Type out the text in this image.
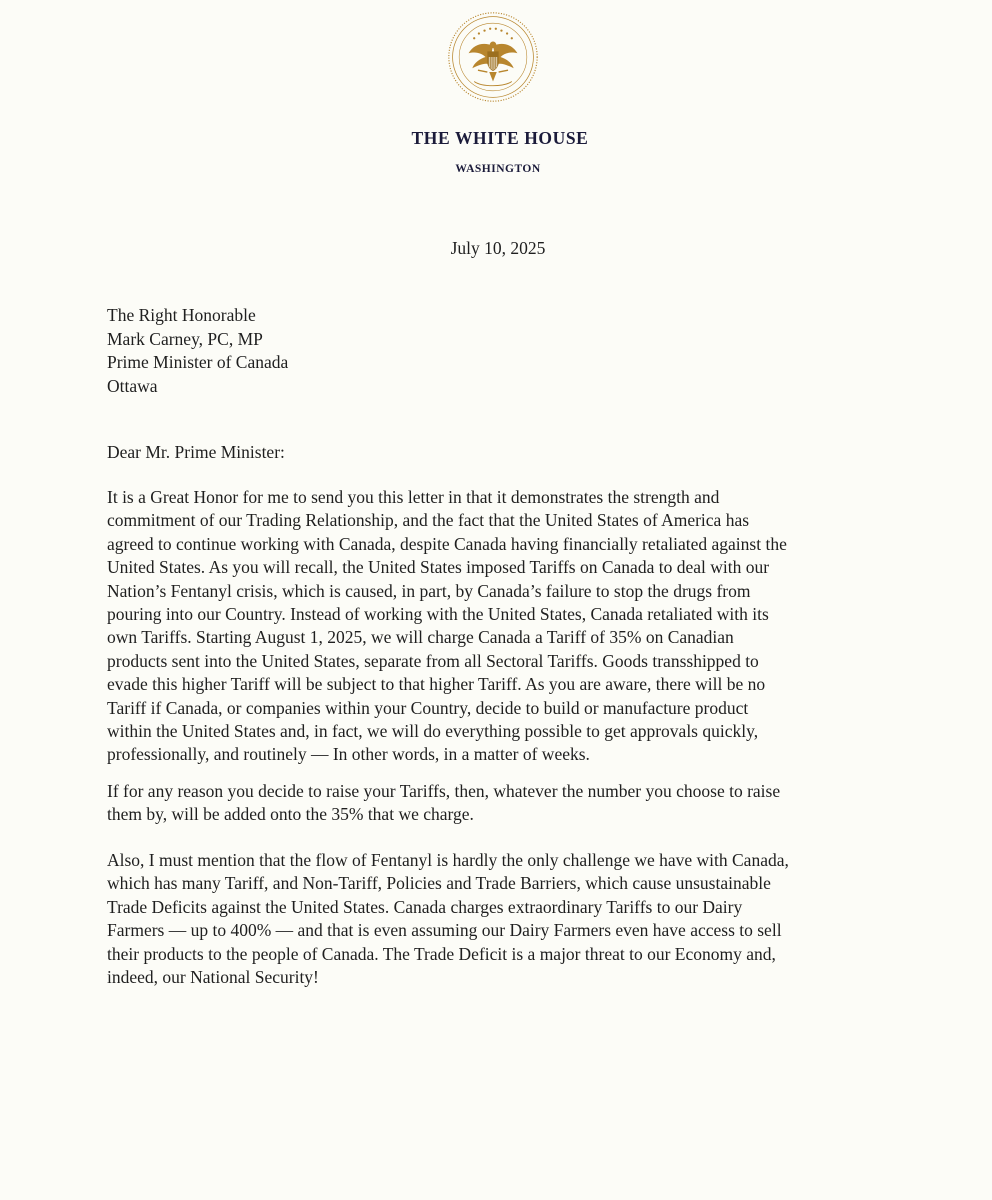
THE WHITE HOUSE
WASHINGTON
July 10, 2025
The Right Honorable
Mark Carney, PC, MP
Prime Minister of Canada
Ottawa
Dear Mr. Prime Minister:

It is a Great Honor for me to send you this letter in that it demonstrates the strength and
commitment of our Trading Relationship, and the fact that the United States of America has
agreed to continue working with Canada, despite Canada having financially retaliated against the
United States. As you will recall, the United States imposed Tariffs on Canada to deal with our
Nation’s Fentanyl crisis, which is caused, in part, by Canada’s failure to stop the drugs from
pouring into our Country. Instead of working with the United States, Canada retaliated with its
own Tariffs. Starting August 1, 2025, we will charge Canada a Tariff of 35% on Canadian
products sent into the United States, separate from all Sectoral Tariffs. Goods transshipped to
evade this higher Tariff will be subject to that higher Tariff. As you are aware, there will be no
Tariff if Canada, or companies within your Country, decide to build or manufacture product
within the United States and, in fact, we will do everything possible to get approvals quickly,
professionally, and routinely — In other words, in a matter of weeks.

If for any reason you decide to raise your Tariffs, then, whatever the number you choose to raise
them by, will be added onto the 35% that we charge.

Also, I must mention that the flow of Fentanyl is hardly the only challenge we have with Canada,
which has many Tariff, and Non-Tariff, Policies and Trade Barriers, which cause unsustainable
Trade Deficits against the United States. Canada charges extraordinary Tariffs to our Dairy
Farmers — up to 400% — and that is even assuming our Dairy Farmers even have access to sell
their products to the people of Canada. The Trade Deficit is a major threat to our Economy and,
indeed, our National Security!
